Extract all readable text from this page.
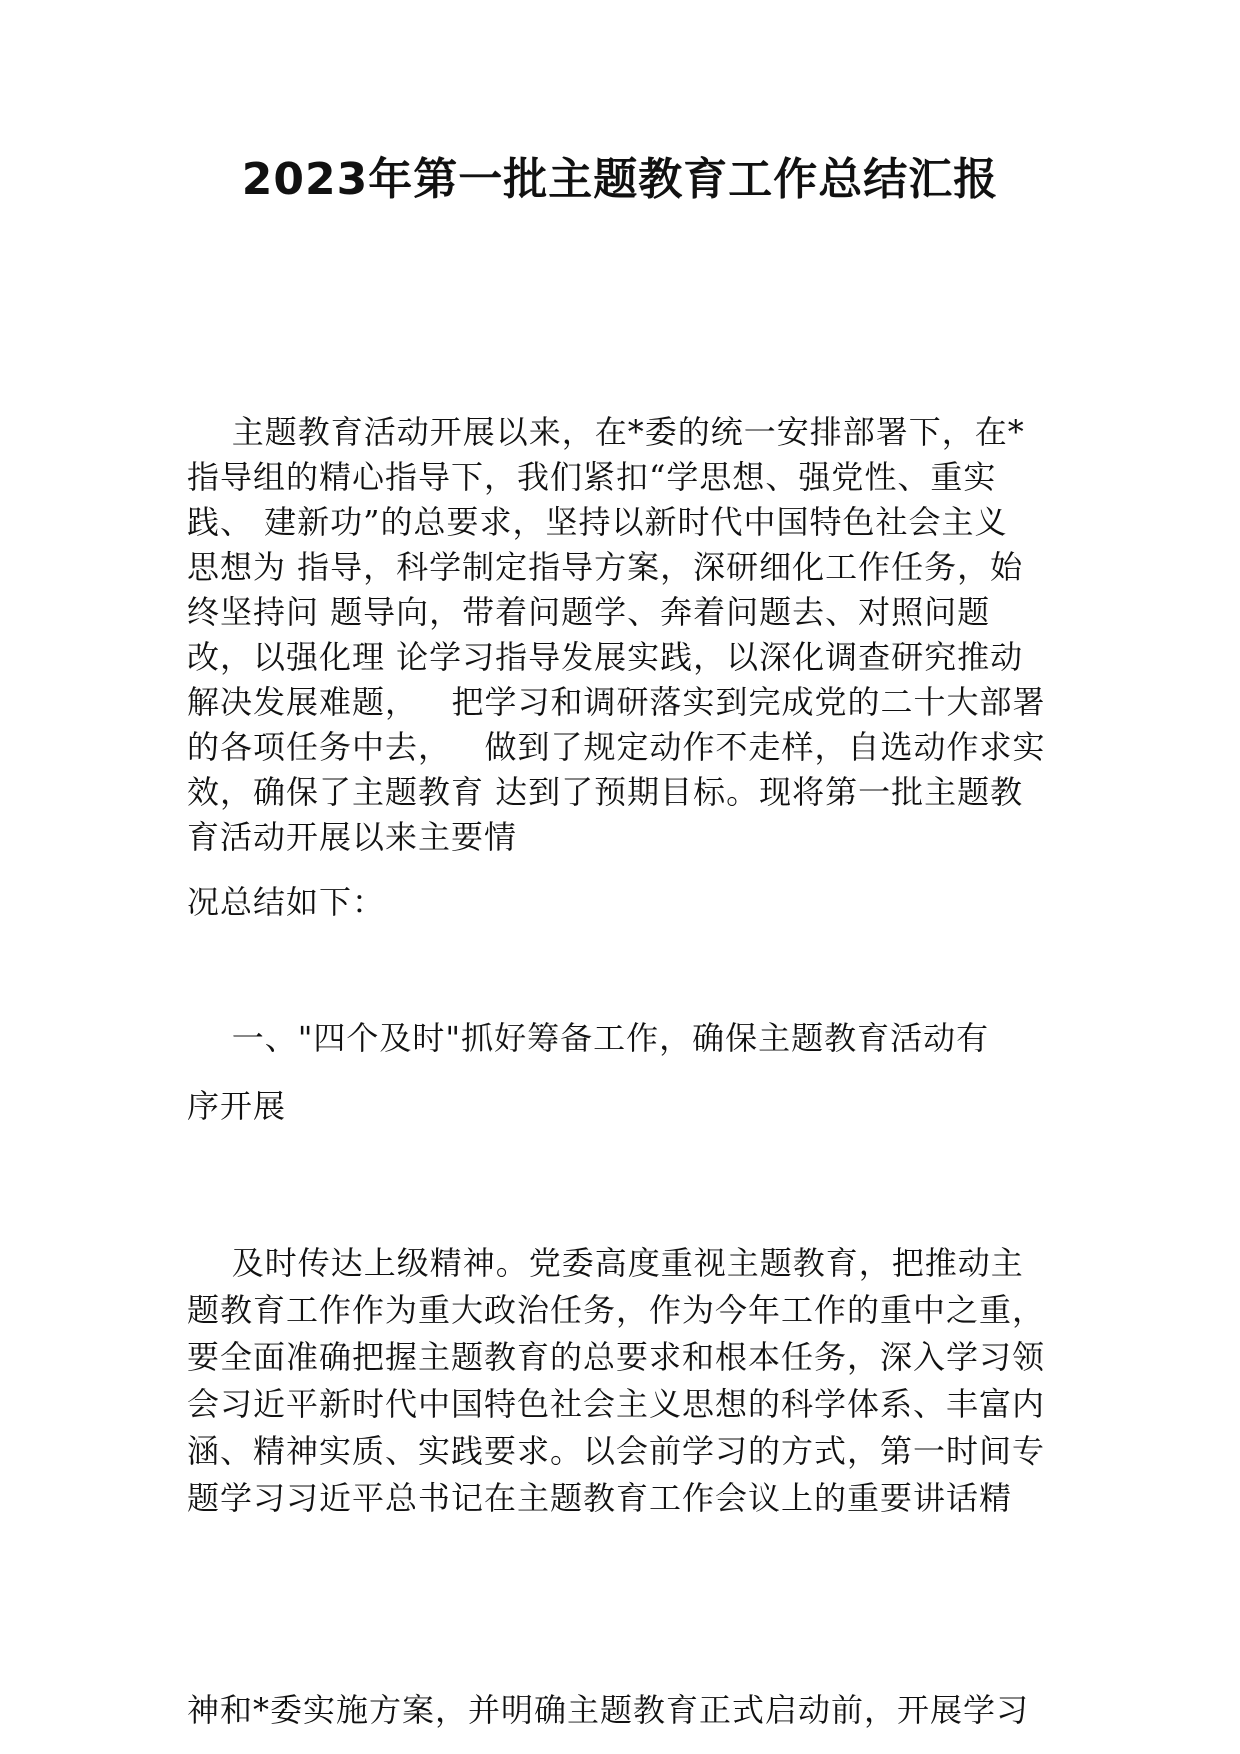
2023年第一批主题教育工作总结汇报
主题教育活动开展以来，在*委的统一安排部署下，在*
指导组的精心指导下，我们紧扣“学思想、强党性、重实
践、 建新功”的总要求，坚持以新时代中国特色社会主义
思想为 指导，科学制定指导方案，深研细化工作任务，始
终坚持问 题导向，带着问题学、奔着问题去、对照问题
改，以强化理 论学习指导发展实践，以深化调查研究推动
解决发展难题，   把学习和调研落实到完成党的二十大部署
的各项任务中去，   做到了规定动作不走样，自选动作求实
效，确保了主题教育 达到了预期目标。现将第一批主题教
育活动开展以来主要情
况总结如下：
一、"四个及时"抓好筹备工作，确保主题教育活动有
序开展
及时传达上级精神。党委高度重视主题教育，把推动主
题教育工作作为重大政治任务，作为今年工作的重中之重，
要全面准确把握主题教育的总要求和根本任务，深入学习领
会习近平新时代中国特色社会主义思想的科学体系、丰富内
涵、精神实质、实践要求。以会前学习的方式，第一时间专
题学习习近平总书记在主题教育工作会议上的重要讲话精
神和*委实施方案，并明确主题教育正式启动前，开展学习
